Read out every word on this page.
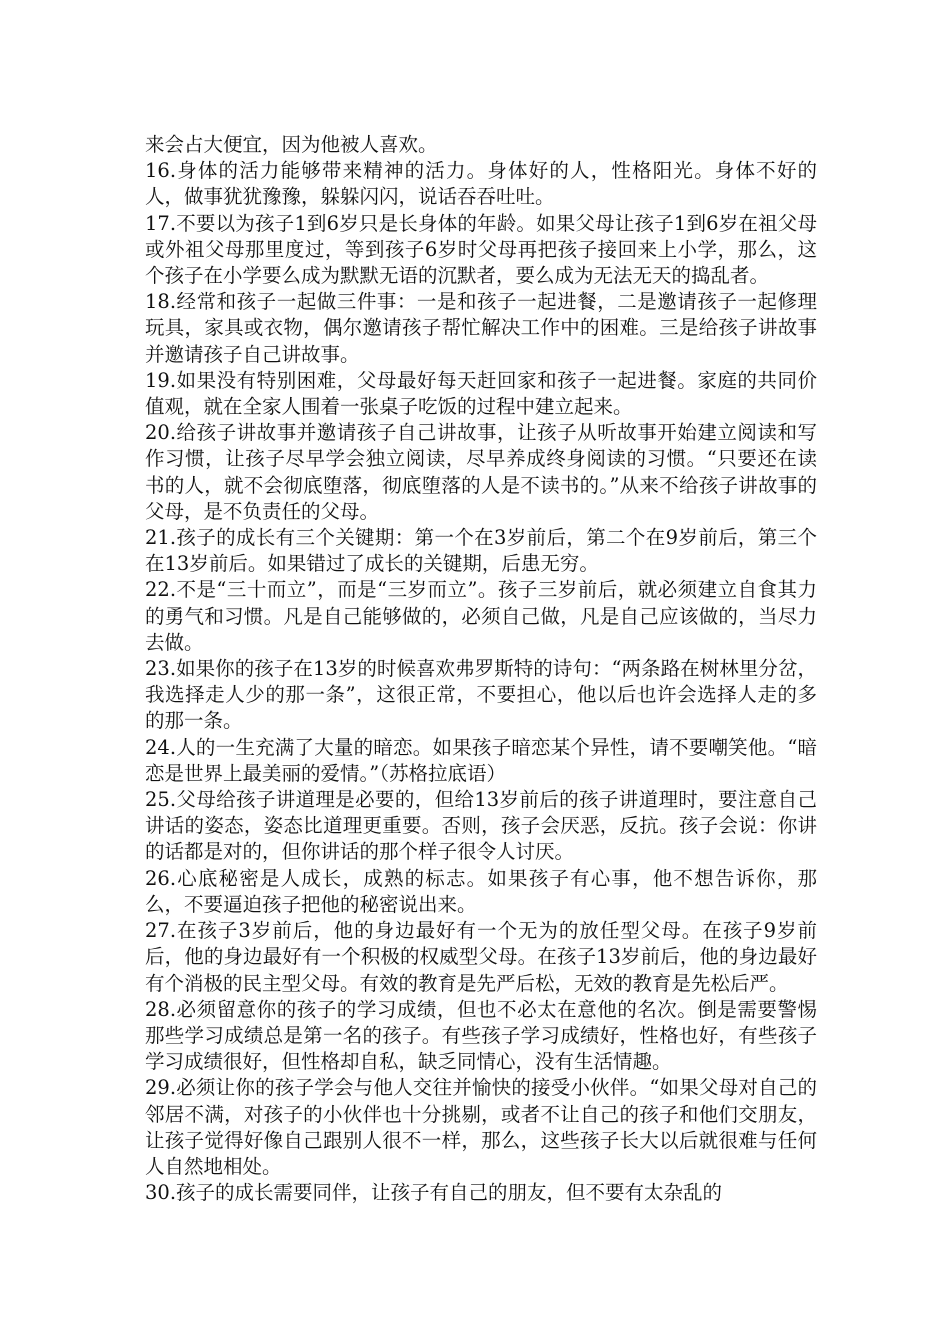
来会占大便宜，因为他被人喜欢。

16.身体的活力能够带来精神的活力。身体好的人，性格阳光。身体不好的人，做事犹犹豫豫，躲躲闪闪，说话吞吞吐吐。

17.不要以为孩子1到6岁只是长身体的年龄。如果父母让孩子1到6岁在祖父母或外祖父母那里度过，等到孩子6岁时父母再把孩子接回来上小学，那么，这个孩子在小学要么成为默默无语的沉默者，要么成为无法无天的捣乱者。

18.经常和孩子一起做三件事：一是和孩子一起进餐，二是邀请孩子一起修理玩具，家具或衣物，偶尔邀请孩子帮忙解决工作中的困难。三是给孩子讲故事并邀请孩子自己讲故事。

19.如果没有特别困难，父母最好每天赶回家和孩子一起进餐。家庭的共同价值观，就在全家人围着一张桌子吃饭的过程中建立起来。

20.给孩子讲故事并邀请孩子自己讲故事，让孩子从听故事开始建立阅读和写作习惯，让孩子尽早学会独立阅读，尽早养成终身阅读的习惯。“只要还在读书的人，就不会彻底堕落，彻底堕落的人是不读书的。”从来不给孩子讲故事的父母，是不负责任的父母。

21.孩子的成长有三个关键期：第一个在3岁前后，第二个在9岁前后，第三个在13岁前后。如果错过了成长的关键期，后患无穷。

22.不是“三十而立”，而是“三岁而立”。孩子三岁前后，就必须建立自食其力的勇气和习惯。凡是自己能够做的，必须自己做，凡是自己应该做的，当尽力去做。

23.如果你的孩子在13岁的时候喜欢弗罗斯特的诗句：“两条路在树林里分岔，我选择走人少的那一条”，这很正常，不要担心，他以后也许会选择人走的多的那一条。

24.人的一生充满了大量的暗恋。如果孩子暗恋某个异性，请不要嘲笑他。“暗恋是世界上最美丽的爱情。”（苏格拉底语）

25.父母给孩子讲道理是必要的，但给13岁前后的孩子讲道理时，要注意自己讲话的姿态，姿态比道理更重要。否则，孩子会厌恶，反抗。孩子会说：你讲的话都是对的，但你讲话的那个样子很令人讨厌。

26.心底秘密是人成长，成熟的标志。如果孩子有心事，他不想告诉你，那么，不要逼迫孩子把他的秘密说出来。

27.在孩子3岁前后，他的身边最好有一个无为的放任型父母。在孩子9岁前后，他的身边最好有一个积极的权威型父母。在孩子13岁前后，他的身边最好有个消极的民主型父母。有效的教育是先严后松，无效的教育是先松后严。

28.必须留意你的孩子的学习成绩，但也不必太在意他的名次。倒是需要警惕那些学习成绩总是第一名的孩子。有些孩子学习成绩好，性格也好，有些孩子学习成绩很好，但性格却自私，缺乏同情心，没有生活情趣。

29.必须让你的孩子学会与他人交往并愉快的接受小伙伴。“如果父母对自己的邻居不满，对孩子的小伙伴也十分挑剔，或者不让自己的孩子和他们交朋友，让孩子觉得好像自己跟别人很不一样，那么，这些孩子长大以后就很难与任何人自然地相处。

30.孩子的成长需要同伴，让孩子有自己的朋友，但不要有太杂乱的
